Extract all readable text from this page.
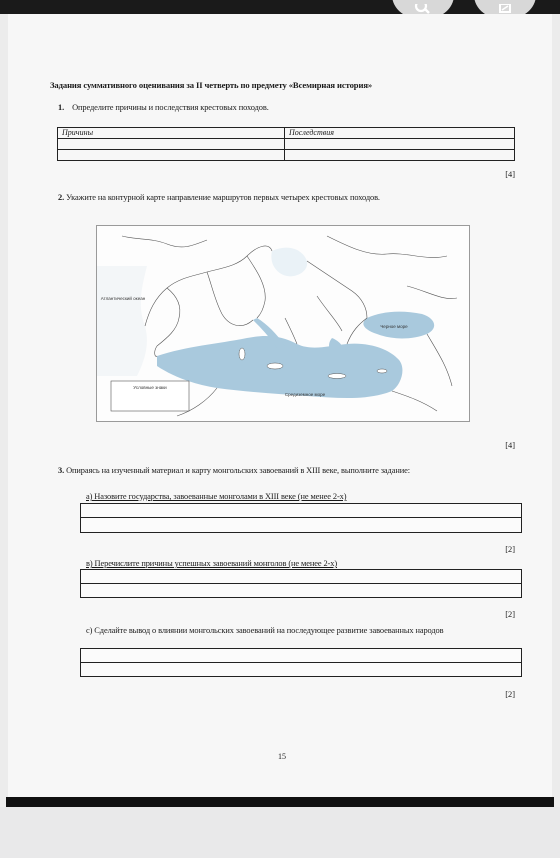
Задания суммативного оценивания за II четверть по предмету «Всемирная история»
1. Определите причины и последствия крестовых походов.
Причины	Последствия

[4]
2. Укажите на контурной карте направление маршрутов первых четырех крестовых походов.
Атлантический океан
Черное море
Средиземное море
Условные знаки
[4]
3. Опираясь на изученный материал и карту монгольских завоеваний в XIII веке, выполните задание:
а) Назовите государства, завоеванные монголами в XIII веке (не менее 2-х)
[2]
в) Перечислите причины успешных завоеваний монголов (не менее 2-х)
[2]
с) Сделайте вывод о влиянии монгольских завоеваний на последующее развитие завоеванных народов
[2]
15
